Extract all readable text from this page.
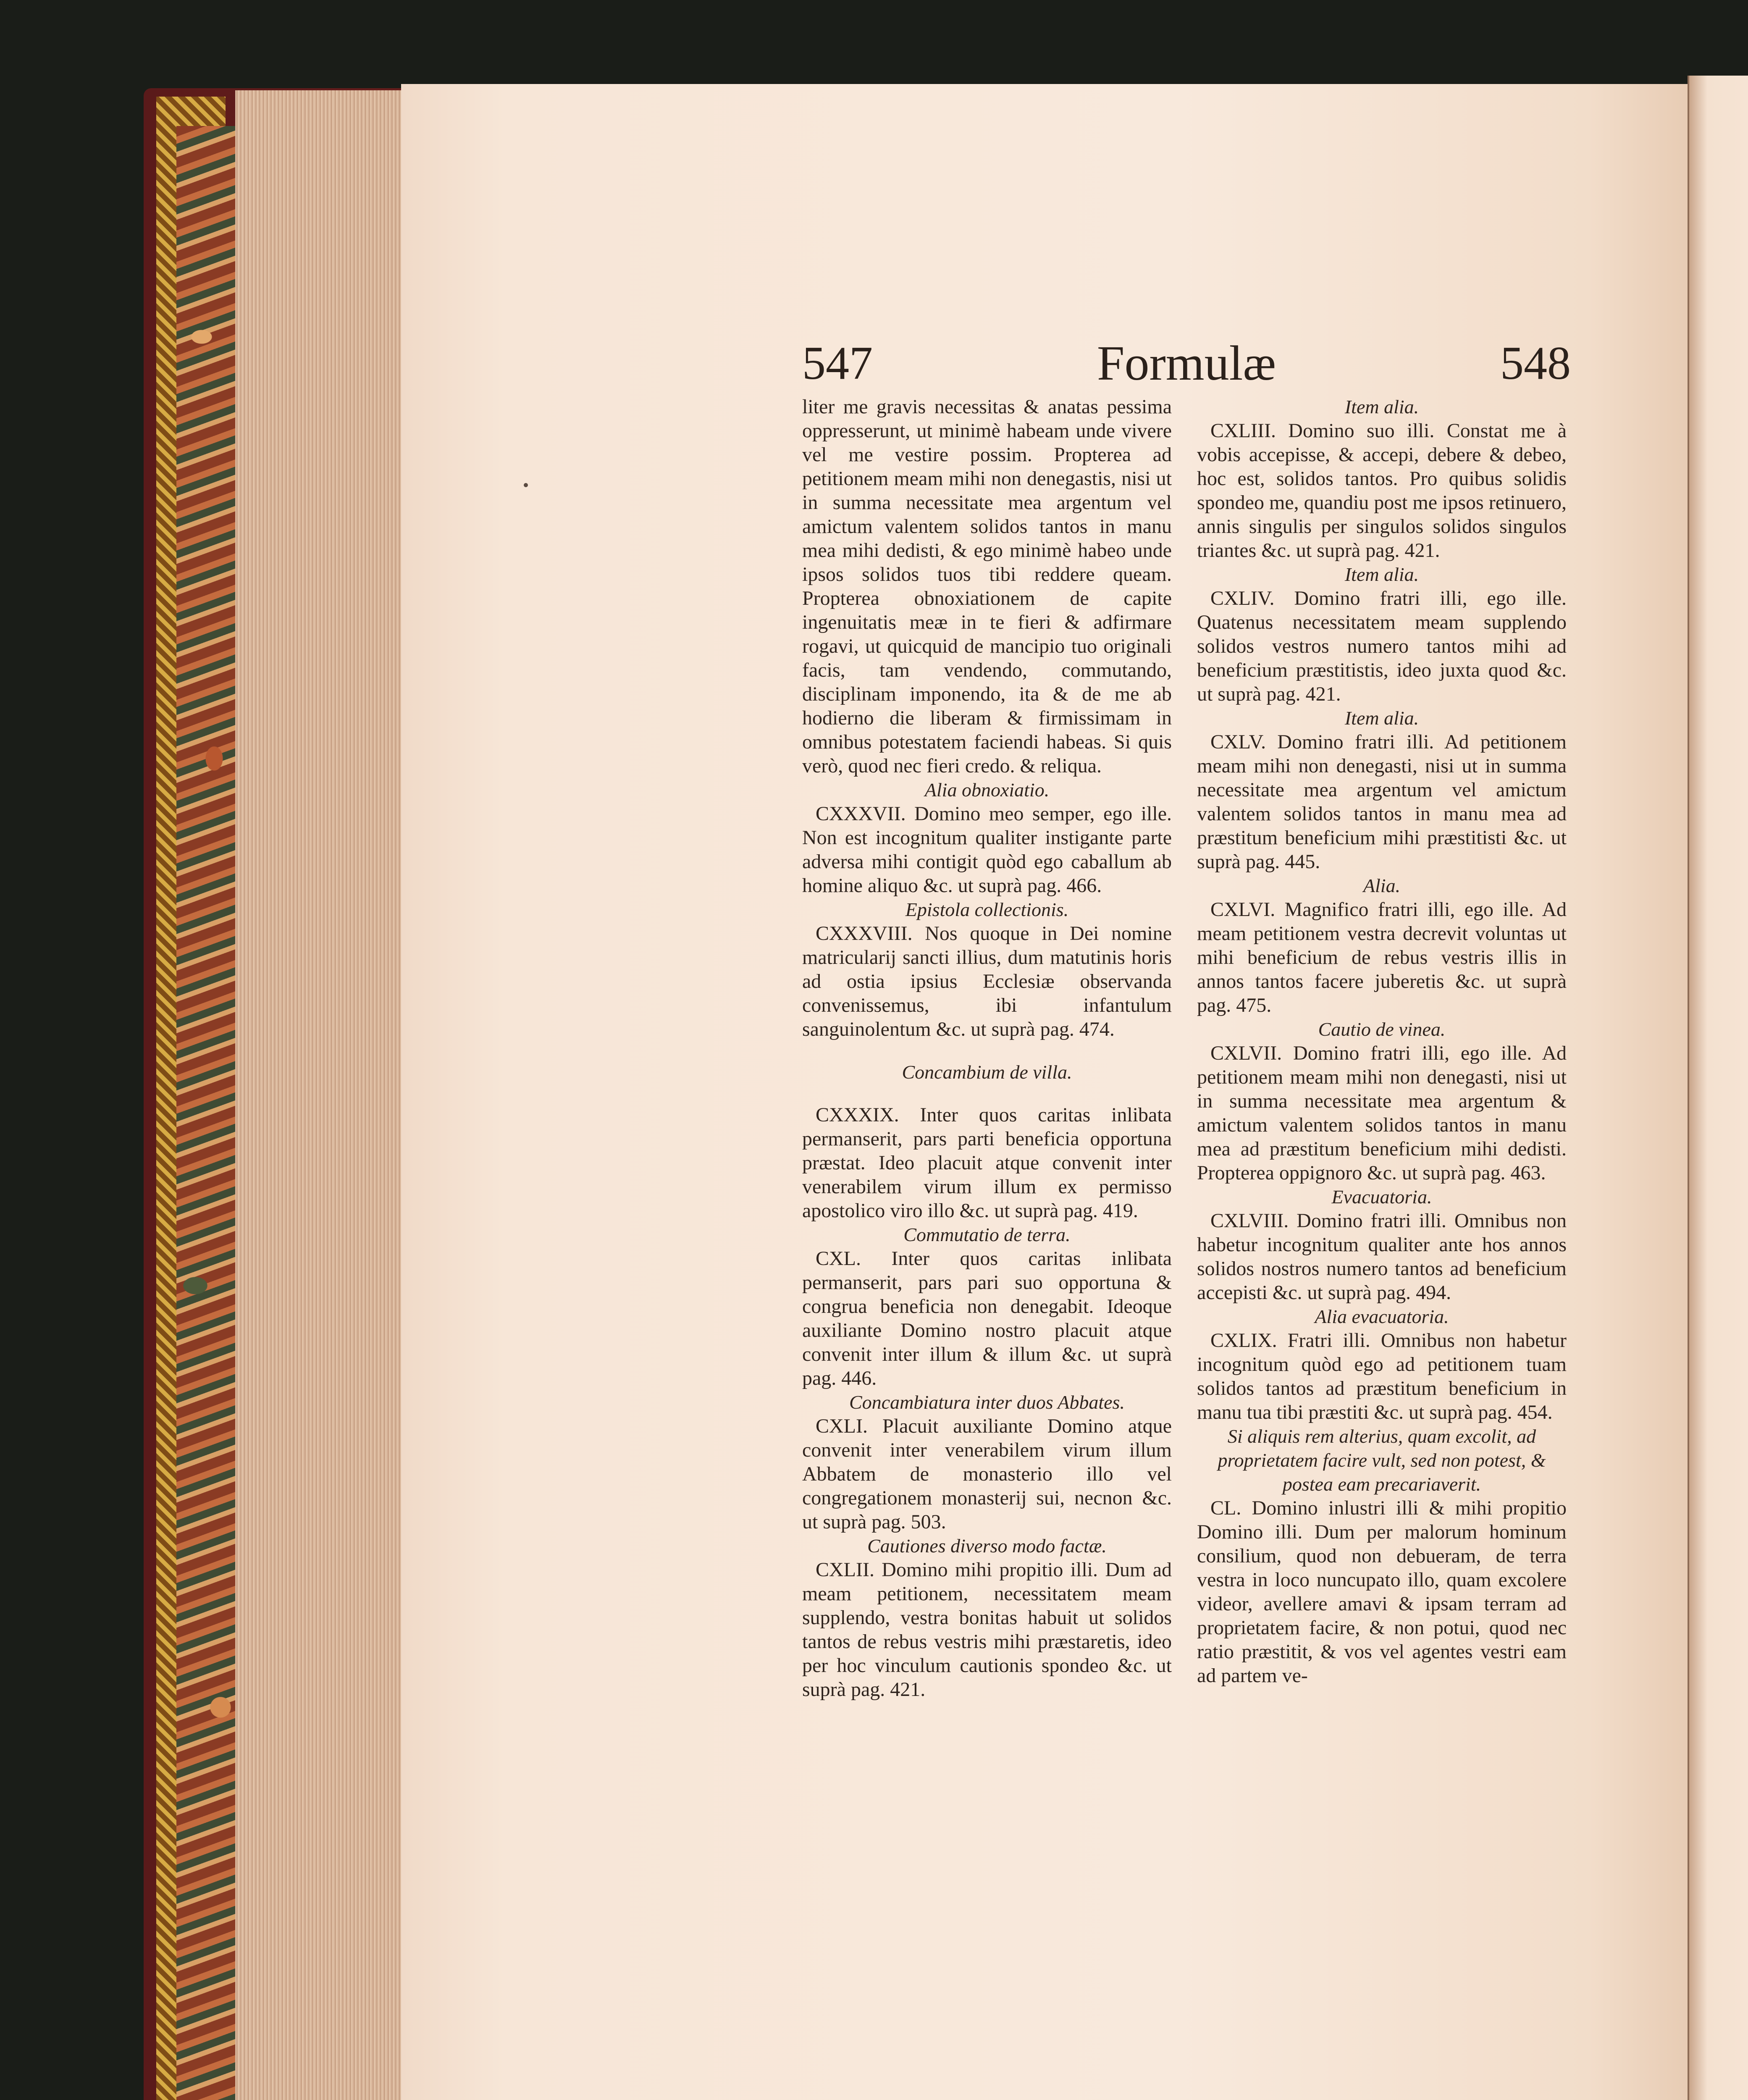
547	Formulæ	548

liter me gravis necessitas & anatas pessima oppresserunt, ut minimè habeam unde vivere vel me vestire possim. Propterea ad petitionem meam mihi non denegastis, nisi ut in summa necessitate mea argentum vel amictum valentem solidos tantos in manu mea mihi dedisti, & ego minimè habeo unde ipsos solidos tuos tibi reddere queam. Propterea obnoxiationem de capite ingenuitatis meæ in te fieri & adfirmare rogavi, ut quicquid de mancipio tuo originali facis, tam vendendo, commutando, disciplinam imponendo, ita & de me ab hodierno die liberam & firmissimam in omnibus potestatem faciendi habeas. Si quis verò, quod nec fieri credo. & reliqua.

Alia obnoxiatio.

CXXXVII. Domino meo semper, ego ille. Non est incognitum qualiter instigante parte adversa mihi contigit quòd ego caballum ab homine aliquo &c. ut suprà pag. 466.

Epistola collectionis.

CXXXVIII. Nos quoque in Dei nomine matricularij sancti illius, dum matutinis horis ad ostia ipsius Ecclesiæ observanda convenissemus, ibi infantulum sanguinolentum &c. ut suprà pag. 474.

Concambium de villa.

CXXXIX. Inter quos caritas inlibata permanserit, pars parti beneficia opportuna præstat. Ideo placuit atque convenit inter venerabilem virum illum ex permisso apostolico viro illo &c. ut suprà pag. 419.

Commutatio de terra.

CXL. Inter quos caritas inlibata permanserit, pars pari suo opportuna & congrua beneficia non denegabit. Ideoque auxiliante Domino nostro placuit atque convenit inter illum & illum &c. ut suprà pag. 446.

Concambiatura inter duos Abbates.

CXLI. Placuit auxiliante Domino atque convenit inter venerabilem virum illum Abbatem de monasterio illo vel congregationem monasterij sui, necnon &c. ut suprà pag. 503.

Cautiones diverso modo factæ.

CXLII. Domino mihi propitio illi. Dum ad meam petitionem, necessitatem meam supplendo, vestra bonitas habuit ut solidos tantos de rebus vestris mihi præstaretis, ideo per hoc vinculum cautionis spondeo &c. ut suprà pag. 421.

Item alia.

CXLIII. Domino suo illi. Constat me à vobis accepisse, & accepi, debere & debeo, hoc est, solidos tantos. Pro quibus solidis spondeo me, quandiu post me ipsos retinuero, annis singulis per singulos solidos singulos triantes &c. ut suprà pag. 421.

Item alia.

CXLIV. Domino fratri illi, ego ille. Quatenus necessitatem meam supplendo solidos vestros numero tantos mihi ad beneficium præstitistis, ideo juxta quod &c. ut suprà pag. 421.

Item alia.

CXLV. Domino fratri illi. Ad petitionem meam mihi non denegasti, nisi ut in summa necessitate mea argentum vel amictum valentem solidos tantos in manu mea ad præstitum beneficium mihi præstitisti &c. ut suprà pag. 445.

Alia.

CXLVI. Magnifico fratri illi, ego ille. Ad meam petitionem vestra decrevit voluntas ut mihi beneficium de rebus vestris illis in annos tantos facere juberetis &c. ut suprà pag. 475.

Cautio de vinea.

CXLVII. Domino fratri illi, ego ille. Ad petitionem meam mihi non denegasti, nisi ut in summa necessitate mea argentum & amictum valentem solidos tantos in manu mea ad præstitum beneficium mihi dedisti. Propterea oppignoro &c. ut suprà pag. 463.

Evacuatoria.

CXLVIII. Domino fratri illi. Omnibus non habetur incognitum qualiter ante hos annos solidos nostros numero tantos ad beneficium accepisti &c. ut suprà pag. 494.

Alia evacuatoria.

CXLIX. Fratri illi. Omnibus non habetur incognitum quòd ego ad petitionem tuam solidos tantos ad præstitum beneficium in manu tua tibi præstiti &c. ut suprà pag. 454.

Si aliquis rem alterius, quam excolit, ad proprietatem facire vult, sed non potest, & postea eam precariaverit.

CL. Domino inlustri illi & mihi propitio Domino illi. Dum per malorum hominum consilium, quod non debueram, de terra vestra in loco nuncupato illo, quam excolere videor, avellere amavi & ipsam terram ad proprietatem facire, & non potui, quod nec ratio præstitit, & vos vel agentes vestri eam ad partem ve-
